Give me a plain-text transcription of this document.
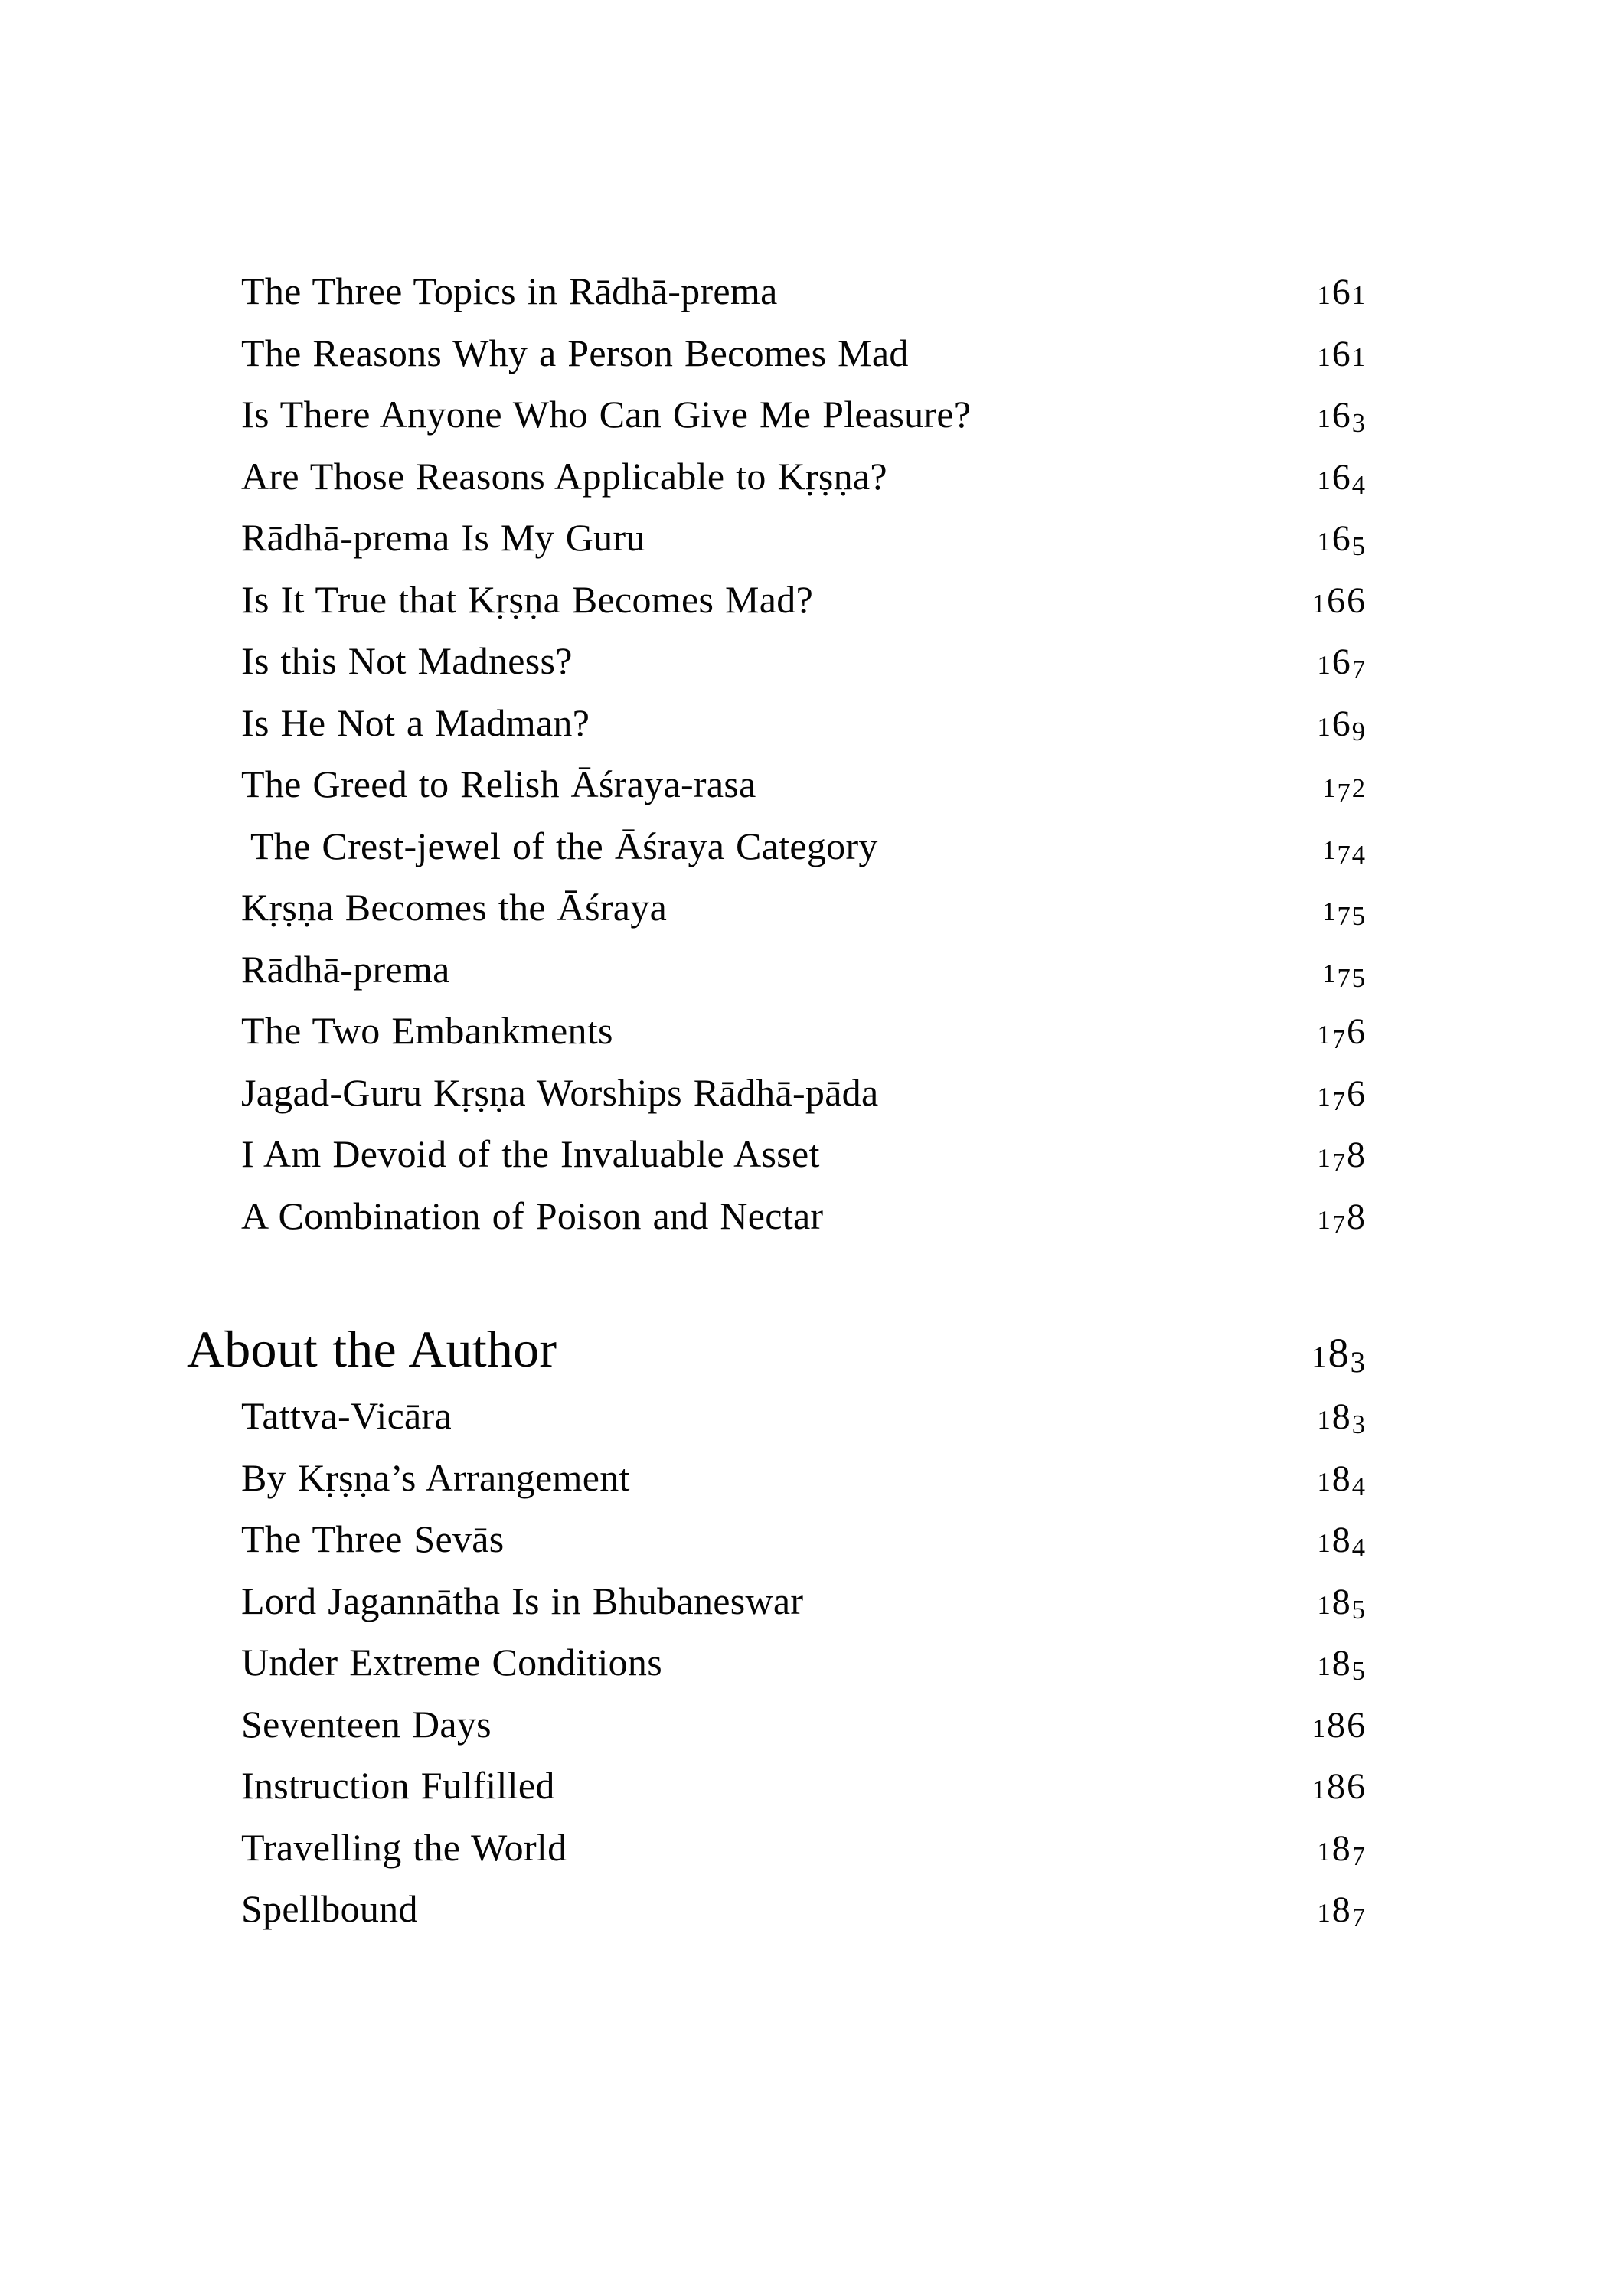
The Three Topics in Rādhā-prema	161
The Reasons Why a Person Becomes Mad	161
Is There Anyone Who Can Give Me Pleasure?	163
Are Those Reasons Applicable to Kṛṣṇa?	164
Rādhā-prema Is My Guru	165
Is It True that Kṛṣṇa Becomes Mad?	166
Is this Not Madness?	167
Is He Not a Madman?	169
The Greed to Relish Āśraya-rasa	172
The Crest-jewel of the Āśraya Category	174
Kṛṣṇa Becomes the Āśraya	175
Rādhā-prema	175
The Two Embankments	176
Jagad-Guru Kṛṣṇa Worships Rādhā-pāda	176
I Am Devoid of the Invaluable Asset	178
A Combination of Poison and Nectar	178
About the Author	183
Tattva-Vicāra	183
By Kṛṣṇa’s Arrangement	184
The Three Sevās	184
Lord Jagannātha Is in Bhubaneswar	185
Under Extreme Conditions	185
Seventeen Days	186
Instruction Fulfilled	186
Travelling the World	187
Spellbound	187
